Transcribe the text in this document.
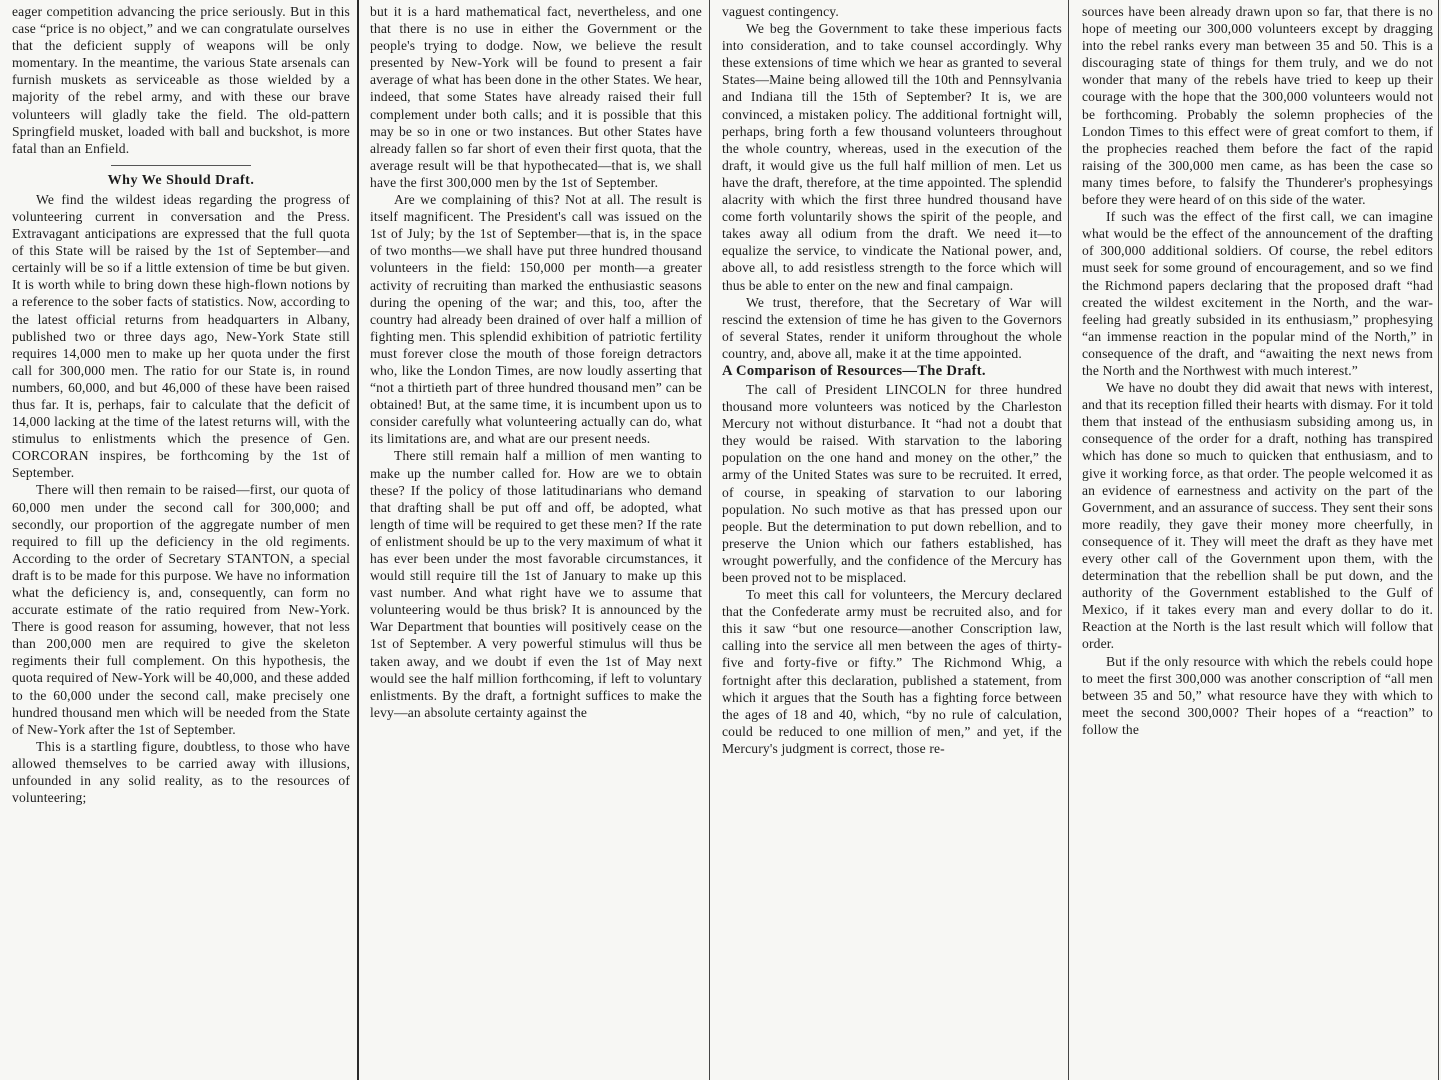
eager competition advancing the price seriously. But in this case “price is no object,” and we can congratulate ourselves that the deficient supply of weapons will be only momentary. In the meantime, the various State arsenals can furnish muskets as serviceable as those wielded by a majority of the rebel army, and with these our brave volunteers will gladly take the field. The old-pattern Springfield musket, loaded with ball and buckshot, is more fatal than an Enfield.

Why We Should Draft.

We find the wildest ideas regarding the progress of volunteering current in conversation and the Press. Extravagant anticipations are expressed that the full quota of this State will be raised by the 1st of September—and certainly will be so if a little extension of time be but given. It is worth while to bring down these high-flown notions by a reference to the sober facts of statistics. Now, according to the latest official returns from headquarters in Albany, published two or three days ago, New-York State still requires 14,000 men to make up her quota under the first call for 300,000 men. The ratio for our State is, in round numbers, 60,000, and but 46,000 of these have been raised thus far. It is, perhaps, fair to calculate that the deficit of 14,000 lacking at the time of the latest returns will, with the stimulus to enlistments which the presence of Gen. CORCORAN inspires, be forthcoming by the 1st of September.

There will then remain to be raised—first, our quota of 60,000 men under the second call for 300,000; and secondly, our proportion of the aggregate number of men required to fill up the deficiency in the old regiments. According to the order of Secretary STANTON, a special draft is to be made for this purpose. We have no information what the deficiency is, and, consequently, can form no accurate estimate of the ratio required from New-York. There is good reason for assuming, however, that not less than 200,000 men are required to give the skeleton regiments their full complement. On this hypothesis, the quota required of New-York will be 40,000, and these added to the 60,000 under the second call, make precisely one hundred thousand men which will be needed from the State of New-York after the 1st of September.

This is a startling figure, doubtless, to those who have allowed themselves to be carried away with illusions, unfounded in any solid reality, as to the resources of volunteering;

but it is a hard mathematical fact, nevertheless, and one that there is no use in either the Government or the people's trying to dodge. Now, we believe the result presented by New-York will be found to present a fair average of what has been done in the other States. We hear, indeed, that some States have already raised their full complement under both calls; and it is possible that this may be so in one or two instances. But other States have already fallen so far short of even their first quota, that the average result will be that hypothecated—that is, we shall have the first 300,000 men by the 1st of September.

Are we complaining of this? Not at all. The result is itself magnificent. The President's call was issued on the 1st of July; by the 1st of September—that is, in the space of two months—we shall have put three hundred thousand volunteers in the field: 150,000 per month—a greater activity of recruiting than marked the enthusiastic seasons during the opening of the war; and this, too, after the country had already been drained of over half a million of fighting men. This splendid exhibition of patriotic fertility must forever close the mouth of those foreign detractors who, like the London Times, are now loudly asserting that “not a thirtieth part of three hundred thousand men” can be obtained! But, at the same time, it is incumbent upon us to consider carefully what volunteering actually can do, what its limitations are, and what are our present needs.

There still remain half a million of men wanting to make up the number called for. How are we to obtain these? If the policy of those latitudinarians who demand that drafting shall be put off and off, be adopted, what length of time will be required to get these men? If the rate of enlistment should be up to the very maximum of what it has ever been under the most favorable circumstances, it would still require till the 1st of January to make up this vast number. And what right have we to assume that volunteering would be thus brisk? It is announced by the War Department that bounties will positively cease on the 1st of September. A very powerful stimulus will thus be taken away, and we doubt if even the 1st of May next would see the half million forthcoming, if left to voluntary enlistments. By the draft, a fortnight suffices to make the levy—an absolute certainty against the

vaguest contingency.

We beg the Government to take these imperious facts into consideration, and to take counsel accordingly. Why these extensions of time which we hear as granted to several States—Maine being allowed till the 10th and Pennsylvania and Indiana till the 15th of September? It is, we are convinced, a mistaken policy. The additional fortnight will, perhaps, bring forth a few thousand volunteers throughout the whole country, whereas, used in the execution of the draft, it would give us the full half million of men. Let us have the draft, therefore, at the time appointed. The splendid alacrity with which the first three hundred thousand have come forth voluntarily shows the spirit of the people, and takes away all odium from the draft. We need it—to equalize the service, to vindicate the National power, and, above all, to add resistless strength to the force which will thus be able to enter on the new and final campaign.

We trust, therefore, that the Secretary of War will rescind the extension of time he has given to the Governors of several States, render it uniform throughout the whole country, and, above all, make it at the time appointed.

A Comparison of Resources—The Draft.

The call of President LINCOLN for three hundred thousand more volunteers was noticed by the Charleston Mercury not without disturbance. It “had not a doubt that they would be raised. With starvation to the laboring population on the one hand and money on the other,” the army of the United States was sure to be recruited. It erred, of course, in speaking of starvation to our laboring population. No such motive as that has pressed upon our people. But the determination to put down rebellion, and to preserve the Union which our fathers established, has wrought powerfully, and the confidence of the Mercury has been proved not to be misplaced.

To meet this call for volunteers, the Mercury declared that the Confederate army must be recruited also, and for this it saw “but one resource—another Conscription law, calling into the service all men between the ages of thirty-five and forty-five or fifty.” The Richmond Whig, a fortnight after this declaration, published a statement, from which it argues that the South has a fighting force between the ages of 18 and 40, which, “by no rule of calculation, could be reduced to one million of men,” and yet, if the Mercury's judgment is correct, those re-

sources have been already drawn upon so far, that there is no hope of meeting our 300,000 volunteers except by dragging into the rebel ranks every man between 35 and 50. This is a discouraging state of things for them truly, and we do not wonder that many of the rebels have tried to keep up their courage with the hope that the 300,000 volunteers would not be forthcoming. Probably the solemn prophecies of the London Times to this effect were of great comfort to them, if the prophecies reached them before the fact of the rapid raising of the 300,000 men came, as has been the case so many times before, to falsify the Thunderer's prophesyings before they were heard of on this side of the water.

If such was the effect of the first call, we can imagine what would be the effect of the announcement of the drafting of 300,000 additional soldiers. Of course, the rebel editors must seek for some ground of encouragement, and so we find the Richmond papers declaring that the proposed draft “had created the wildest excitement in the North, and the war-feeling had greatly subsided in its enthusiasm,” prophesying “an immense reaction in the popular mind of the North,” in consequence of the draft, and “awaiting the next news from the North and the Northwest with much interest.”

We have no doubt they did await that news with interest, and that its reception filled their hearts with dismay. For it told them that instead of the enthusiasm subsiding among us, in consequence of the order for a draft, nothing has transpired which has done so much to quicken that enthusiasm, and to give it working force, as that order. The people welcomed it as an evidence of earnestness and activity on the part of the Government, and an assurance of success. They sent their sons more readily, they gave their money more cheerfully, in consequence of it. They will meet the draft as they have met every other call of the Government upon them, with the determination that the rebellion shall be put down, and the authority of the Government established to the Gulf of Mexico, if it takes every man and every dollar to do it. Reaction at the North is the last result which will follow that order.

But if the only resource with which the rebels could hope to meet the first 300,000 was another conscription of “all men between 35 and 50,” what resource have they with which to meet the second 300,000? Their hopes of a “reaction” to follow the
